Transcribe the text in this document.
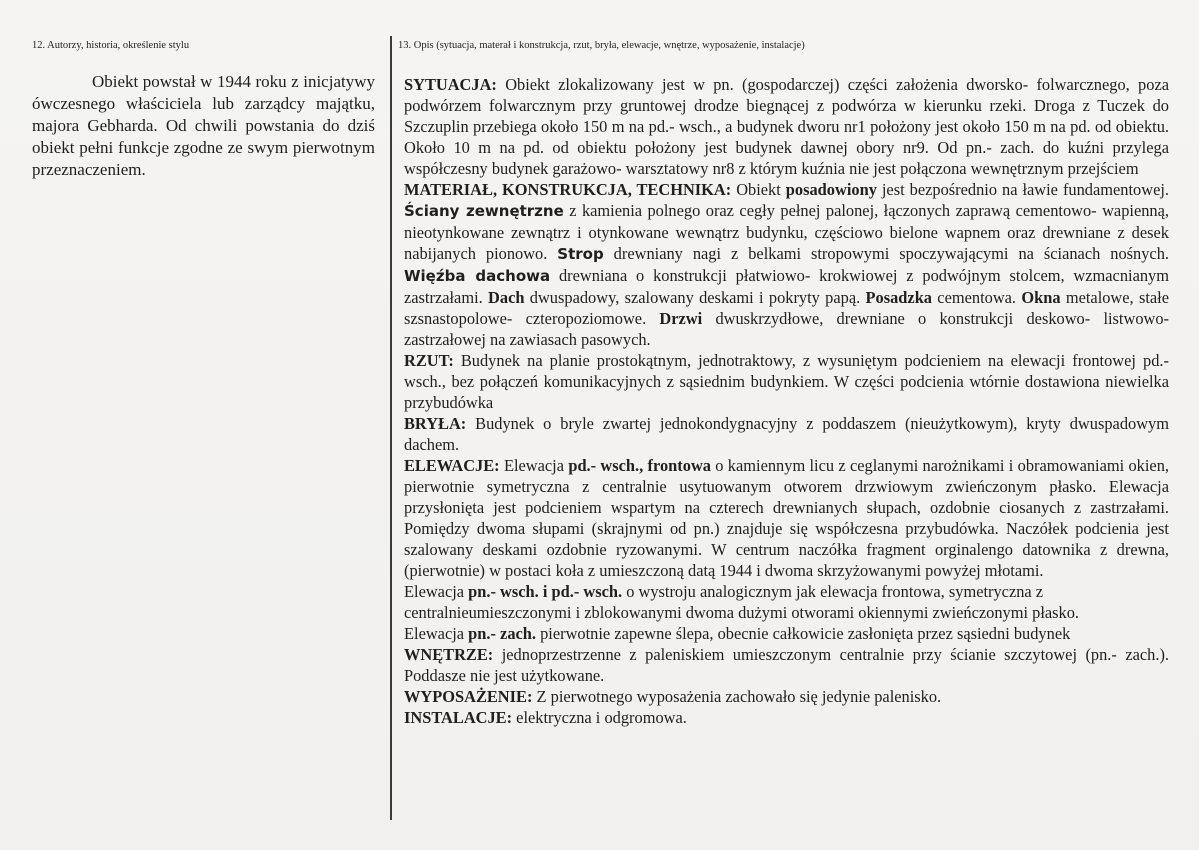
12. Autorzy, historia, określenie stylu

Obiekt powstał w 1944 roku z inicjatywy ówczesnego właściciela lub zarządcy majątku, majora Gebharda. Od chwili powstania do dziś obiekt pełni funkcje zgodne ze swym pierwotnym przeznaczeniem.

13. Opis (sytuacja, materał i konstrukcja, rzut, bryła, elewacje, wnętrze, wyposażenie, instalacje)

SYTUACJA: Obiekt zlokalizowany jest w pn. (gospodarczej) części założenia dworsko- folwarcznego, poza podwórzem folwarcznym przy gruntowej drodze biegnącej z podwórza w kierunku rzeki. Droga z Tuczek do Szczuplin przebiega około 150 m na pd.- wsch., a budynek dworu nr1 położony jest około 150 m na pd. od obiektu. Około 10 m na pd. od obiektu położony jest budynek dawnej obory nr9. Od pn.- zach. do kuźni przylega współczesny budynek garażowo- warsztatowy nr8 z którym kuźnia nie jest połączona wewnętrznym przejściem

MATERIAŁ, KONSTRUKCJA, TECHNIKA: Obiekt posadowiony jest bezpośrednio na ławie fundamentowej. Ściany zewnętrzne z kamienia polnego oraz cegły pełnej palonej, łączonych zaprawą cementowo- wapienną, nieotynkowane zewnątrz i otynkowane wewnątrz budynku, częściowo bielone wapnem oraz drewniane z desek nabijanych pionowo. Strop drewniany nagi z belkami stropowymi spoczywającymi na ścianach nośnych. Więźba dachowa drewniana o konstrukcji płatwiowo- krokwiowej z podwójnym stolcem, wzmacnianym zastrzałami. Dach dwuspadowy, szalowany deskami i pokryty papą. Posadzka cementowa. Okna metalowe, stałe szsnastopolowe- czteropoziomowe. Drzwi dwuskrzydłowe, drewniane o konstrukcji deskowo- listwowo- zastrzałowej na zawiasach pasowych.

RZUT: Budynek na planie prostokątnym, jednotraktowy, z wysuniętym podcieniem na elewacji frontowej pd.- wsch., bez połączeń komunikacyjnych z sąsiednim budynkiem. W części podcienia wtórnie dostawiona niewielka przybudówka

BRYŁA: Budynek o bryle zwartej jednokondygnacyjny z poddaszem (nieużytkowym), kryty dwuspadowym dachem.

ELEWACJE: Elewacja pd.- wsch., frontowa o kamiennym licu z ceglanymi narożnikami i obramowaniami okien, pierwotnie symetryczna z centralnie usytuowanym otworem drzwiowym zwieńczonym płasko. Elewacja przysłonięta jest podcieniem wspartym na czterech drewnianych słupach, ozdobnie ciosanych z zastrzałami. Pomiędzy dwoma słupami (skrajnymi od pn.) znajduje się współczesna przybudówka. Naczółek podcienia jest szalowany deskami ozdobnie ryzowanymi. W centrum naczółka fragment orginalengo datownika z drewna, (pierwotnie) w postaci koła z umieszczoną datą 1944 i dwoma skrzyżowanymi powyżej młotami.

Elewacja pn.- wsch. i pd.- wsch. o wystroju analogicznym jak elewacja frontowa, symetryczna z centralnieumieszczonymi i zblokowanymi dwoma dużymi otworami okiennymi zwieńczonymi płasko.

Elewacja pn.- zach. pierwotnie zapewne ślepa, obecnie całkowicie zasłonięta przez sąsiedni budynek

WNĘTRZE: jednoprzestrzenne z paleniskiem umieszczonym centralnie przy ścianie szczytowej (pn.- zach.). Poddasze nie jest użytkowane.

WYPOSAŻENIE: Z pierwotnego wyposażenia zachowało się jedynie palenisko.

INSTALACJE: elektryczna i odgromowa.
